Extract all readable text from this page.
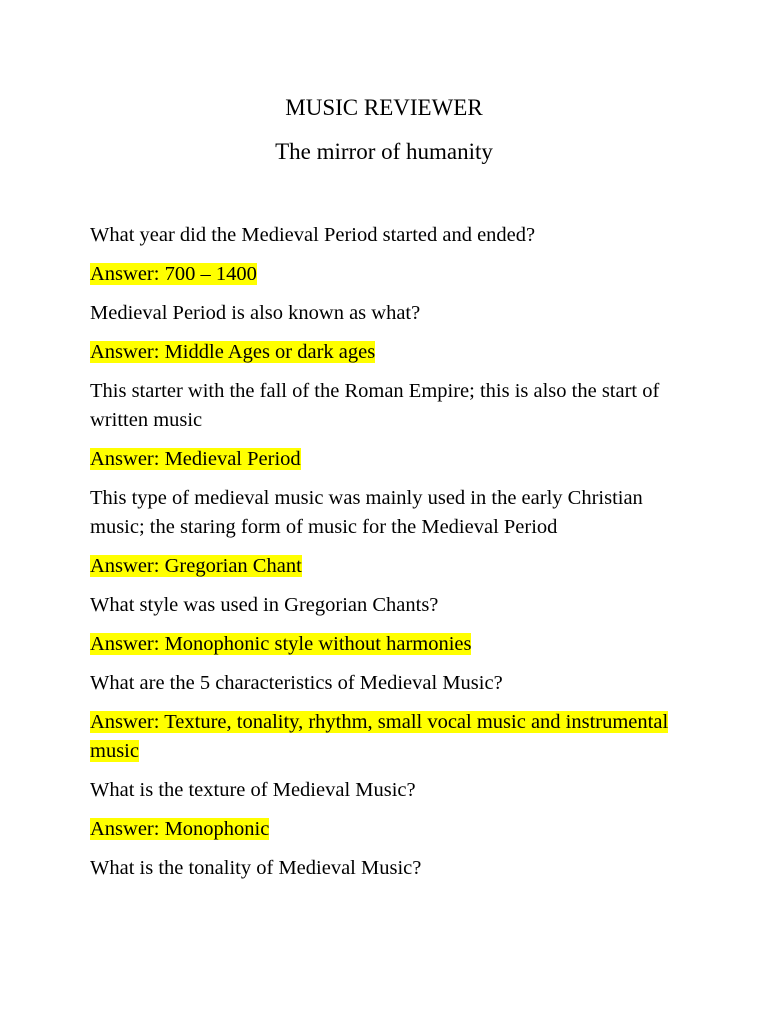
MUSIC REVIEWER
The mirror of humanity

What year did the Medieval Period started and ended?

Answer: 700 – 1400

Medieval Period is also known as what?

Answer: Middle Ages or dark ages

This starter with the fall of the Roman Empire; this is also the start of written music

Answer: Medieval Period

This type of medieval music was mainly used in the early Christian music; the staring form of music for the Medieval Period

Answer: Gregorian Chant

What style was used in Gregorian Chants?

Answer: Monophonic style without harmonies

What are the 5 characteristics of Medieval Music?

Answer: Texture, tonality, rhythm, small vocal music and instrumental music

What is the texture of Medieval Music?

Answer: Monophonic

What is the tonality of Medieval Music?
